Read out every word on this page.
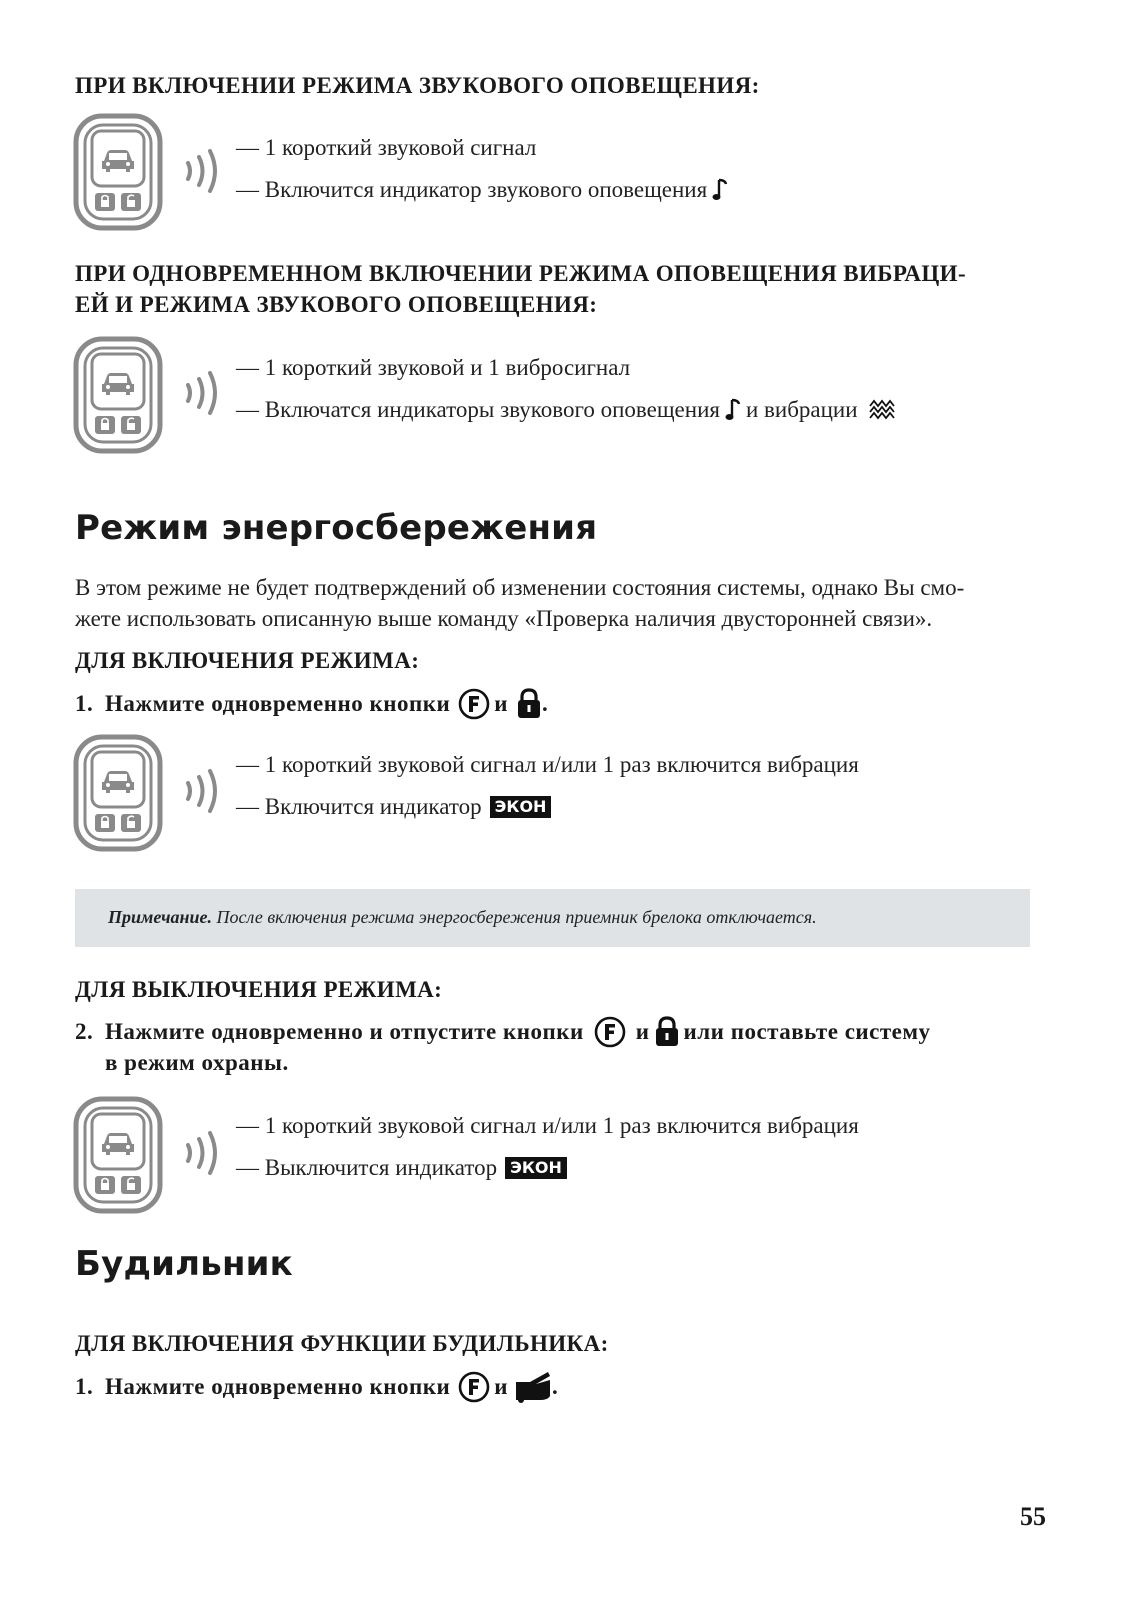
ПРИ ВКЛЮЧЕНИИ РЕЖИМА ЗВУКОВОГО ОПОВЕЩЕНИЯ:
— 1 короткий звуковой сигнал
— Включится индикатор звукового оповещения
ПРИ ОДНОВРЕМЕННОМ ВКЛЮЧЕНИИ РЕЖИМА ОПОВЕЩЕНИЯ ВИБРАЦИ-
ЕЙ И РЕЖИМА ЗВУКОВОГО ОПОВЕЩЕНИЯ:
— 1 короткий звуковой и 1 вибросигнал
— Включатся индикаторы звукового оповещения и вибрации
Режим энергосбережения
В этом режиме не будет подтверждений об изменении состояния системы, однако Вы смо-
жете использовать описанную выше команду «Проверка наличия двусторонней связи».
ДЛЯ ВКЛЮЧЕНИЯ РЕЖИМА:
1. Нажмите одновременно кнопки и .
— 1 короткий звуковой сигнал и/или 1 раз включится вибрация
— Включится индикатор ЭКОН
Примечание. После включения режима энергосбережения приемник брелока отключается.
ДЛЯ ВЫКЛЮЧЕНИЯ РЕЖИМА:
2. Нажмите одновременно и отпустите кнопки и или поставьте систему
в режим охраны.
— 1 короткий звуковой сигнал и/или 1 раз включится вибрация
— Выключится индикатор ЭКОН
Будильник
ДЛЯ ВКЛЮЧЕНИЯ ФУНКЦИИ БУДИЛЬНИКА:
1. Нажмите одновременно кнопки и .
55
